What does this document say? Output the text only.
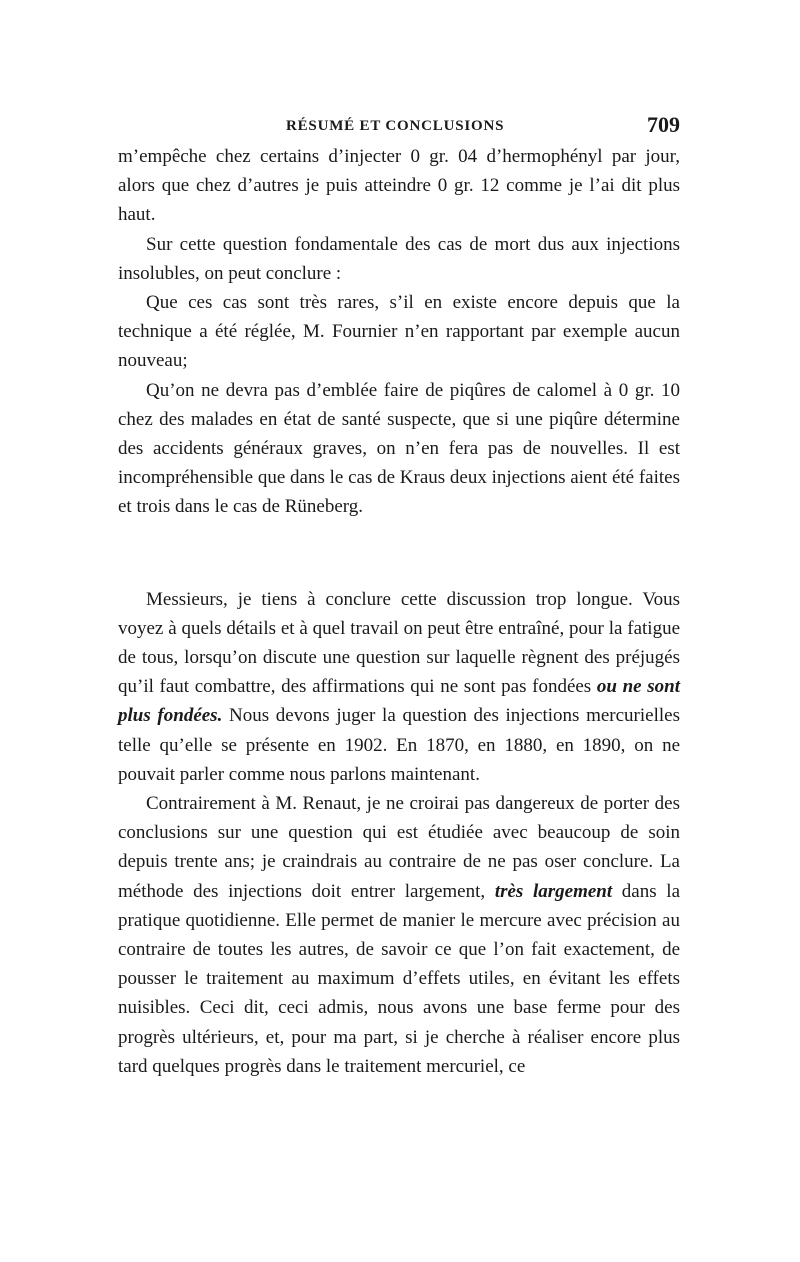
RÉSUMÉ ET CONCLUSIONS	709

m’empêche chez certains d’injecter 0 gr. 04 d’hermophényl par jour, alors que chez d’autres je puis atteindre 0 gr. 12 comme je l’ai dit plus haut.

Sur cette question fondamentale des cas de mort dus aux injections insolubles, on peut conclure :

Que ces cas sont très rares, s’il en existe encore depuis que la technique a été réglée, M. Fournier n’en rapportant par exemple aucun nouveau;

Qu’on ne devra pas d’emblée faire de piqûres de calomel à 0 gr. 10 chez des malades en état de santé suspecte, que si une piqûre détermine des accidents généraux graves, on n’en fera pas de nouvelles. Il est incompréhensible que dans le cas de Kraus deux injections aient été faites et trois dans le cas de Rüneberg.

Messieurs, je tiens à conclure cette discussion trop longue. Vous voyez à quels détails et à quel travail on peut être entraîné, pour la fatigue de tous, lorsqu’on discute une question sur laquelle règnent des préjugés qu’il faut combattre, des affirmations qui ne sont pas fondées ou ne sont plus fondées. Nous devons juger la question des injections mercurielles telle qu’elle se présente en 1902. En 1870, en 1880, en 1890, on ne pouvait parler comme nous parlons maintenant.

Contrairement à M. Renaut, je ne croirai pas dangereux de porter des conclusions sur une question qui est étudiée avec beaucoup de soin depuis trente ans; je craindrais au contraire de ne pas oser conclure. La méthode des injections doit entrer largement, très largement dans la pratique quotidienne. Elle permet de manier le mercure avec précision au contraire de toutes les autres, de savoir ce que l’on fait exactement, de pousser le traitement au maximum d’effets utiles, en évitant les effets nuisibles. Ceci dit, ceci admis, nous avons une base ferme pour des progrès ultérieurs, et, pour ma part, si je cherche à réaliser encore plus tard quelques progrès dans le traitement mercuriel, ce
